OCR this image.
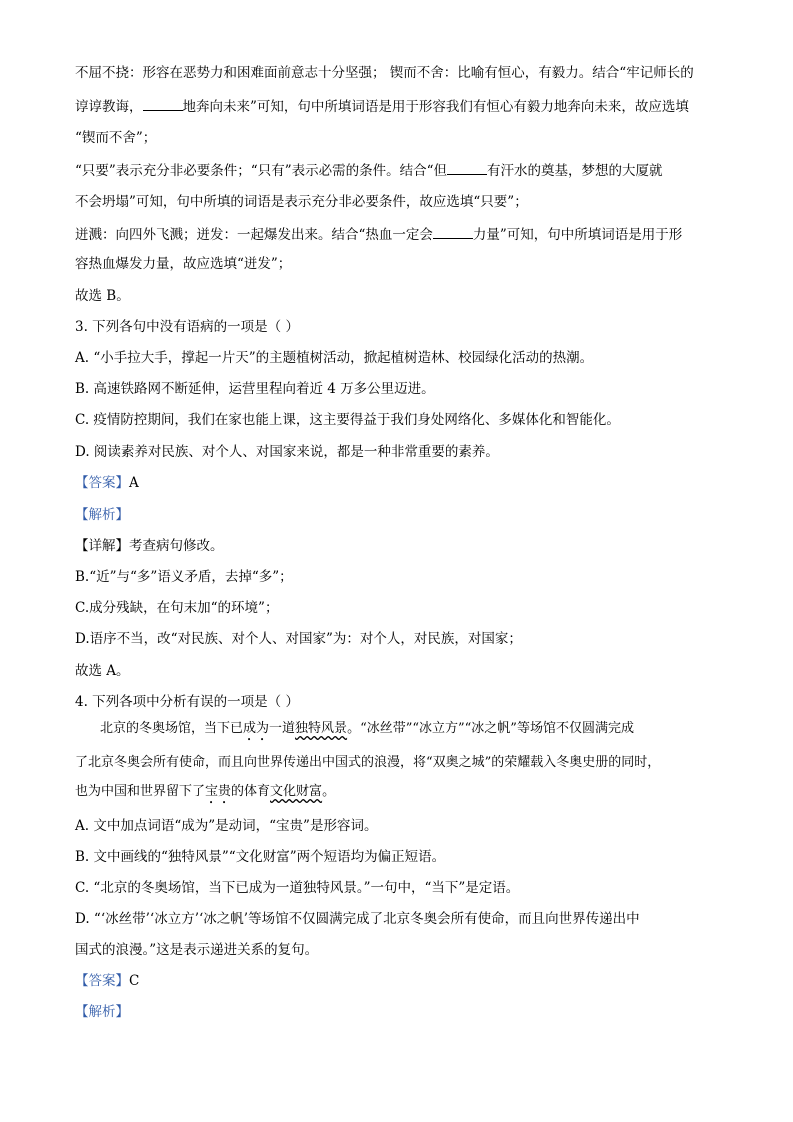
不屈不挠：形容在恶势力和困难面前意志十分坚强； 锲而不舍：比喻有恒心，有毅力。结合“牢记师长的
谆谆教诲，	地奔向未来”可知，句中所填词语是用于形容我们有恒心有毅力地奔向未来，故应选填
“锲而不舍”；
“只要”表示充分非必要条件；“只有”表示必需的条件。结合“但	有汗水的奠基，梦想的大厦就
不会坍塌”可知，句中所填的词语是表示充分非必要条件，故应选填“只要”；
迸溅：向四外飞溅；迸发：一起爆发出来。结合“热血一定会	力量”可知，句中所填词语是用于形
容热血爆发力量，故应选填“迸发”；
故选 B。
3. 下列各句中没有语病的一项是（ ）
A. “小手拉大手，撑起一片天”的主题植树活动，掀起植树造林、校园绿化活动的热潮。
B. 高速铁路网不断延伸，运营里程向着近 4 万多公里迈进。
C. 疫情防控期间，我们在家也能上课，这主要得益于我们身处网络化、多媒体化和智能化。
D. 阅读素养对民族、对个人、对国家来说，都是一种非常重要的素养。
【答案】A
【解析】
【详解】考查病句修改。
B.“近”与“多”语义矛盾，去掉“多”；
C.成分残缺，在句末加“的环境”；
D.语序不当，改“对民族、对个人、对国家”为：对个人，对民族，对国家；
故选 A。
4. 下列各项中分析有误的一项是（ ）
北京的冬奥场馆，当下已成为一道独特风景。“冰丝带”“冰立方”“冰之帆”等场馆不仅圆满完成
了北京冬奥会所有使命，而且向世界传递出中国式的浪漫，将“双奥之城”的荣耀载入冬奥史册的同时，
也为中国和世界留下了宝贵的体育文化财富。
A. 文中加点词语“成为”是动词，“宝贵”是形容词。
B. 文中画线的“独特风景”“文化财富”两个短语均为偏正短语。
C. “北京的冬奥场馆，当下已成为一道独特风景。”一句中，“当下”是定语。
D. “‘冰丝带’‘冰立方’‘冰之帆’等场馆不仅圆满完成了北京冬奥会所有使命，而且向世界传递出中
国式的浪漫。”这是表示递进关系的复句。
【答案】C
【解析】
